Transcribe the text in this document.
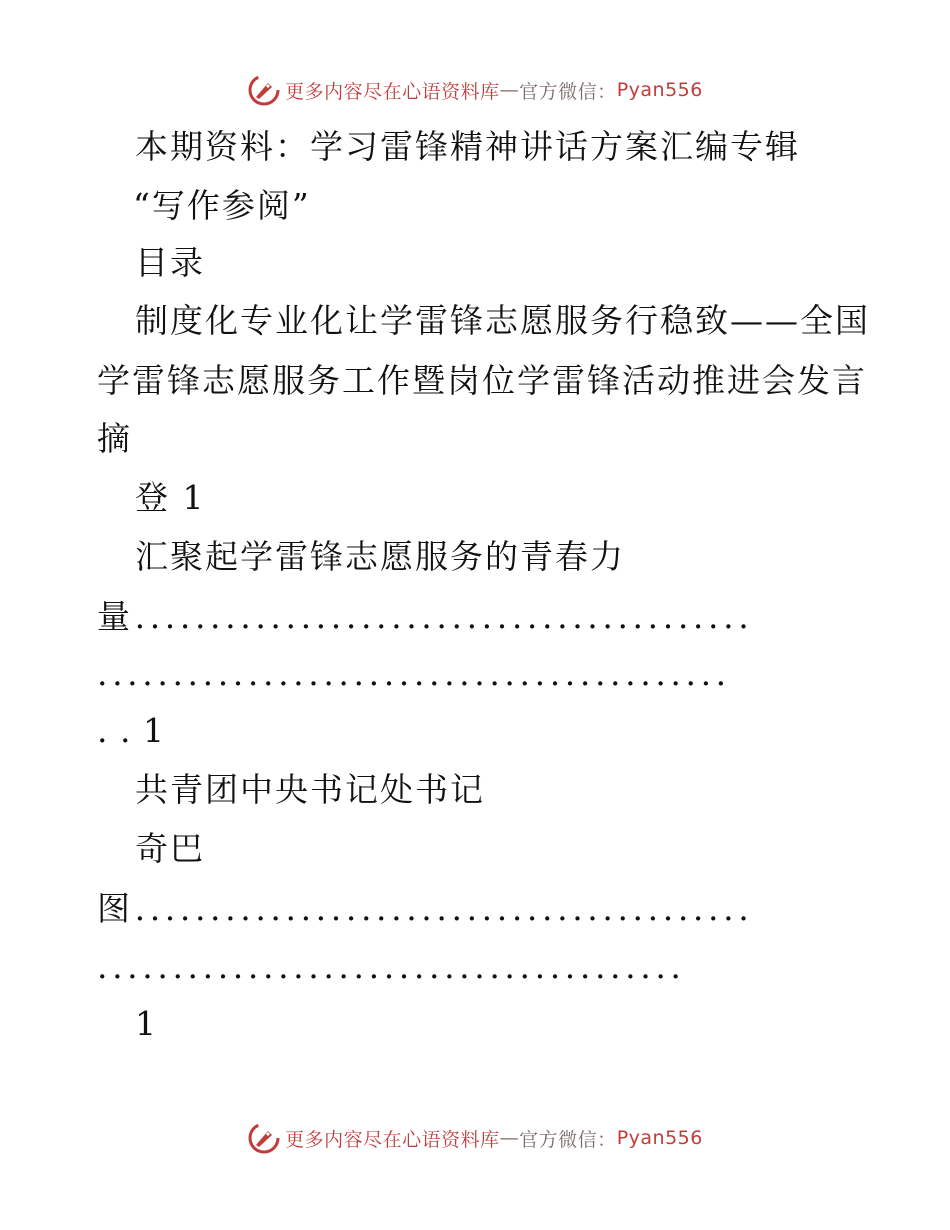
更多内容尽在心语资料库 — 官方微信： Pyan556
本期资料：学习雷锋精神讲话方案汇编专辑
“写作参阅”
目录
制度化专业化让学雷锋志愿服务行稳致——全国
学雷锋志愿服务工作暨岗位学雷锋活动推进会发言
摘
登 1
汇聚起学雷锋志愿服务的青春力
量.........................................
..........................................
. . 1
共青团中央书记处书记
奇巴
图.........................................
.......................................
1
更多内容尽在心语资料库 — 官方微信： Pyan556
